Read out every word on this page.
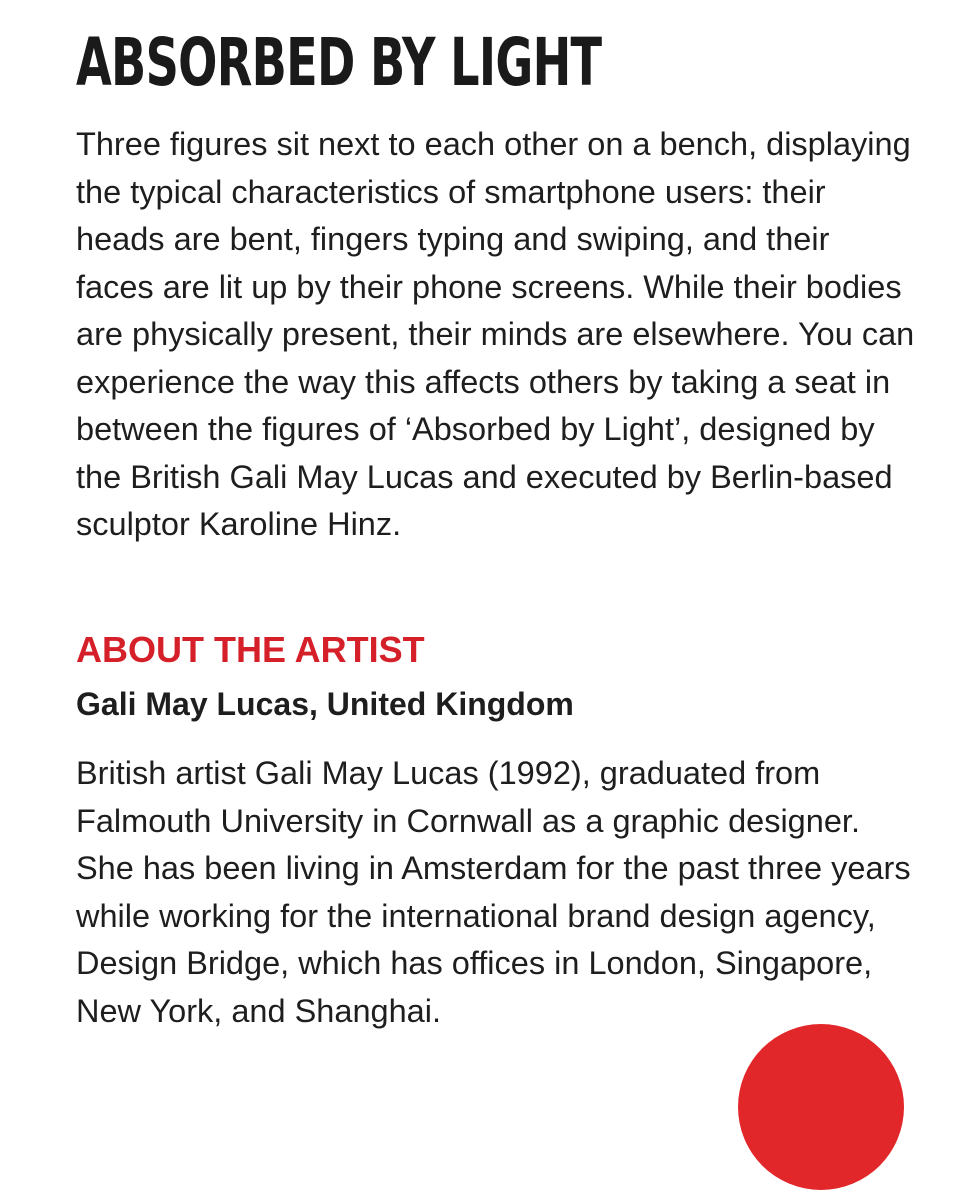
ABSORBED BY LIGHT

Three figures sit next to each other on a bench, displaying the typical characteristics of smartphone users: their heads are bent, fingers typing and swiping, and their faces are lit up by their phone screens. While their bodies are physically present, their minds are elsewhere. You can experience the way this affects others by taking a seat in between the figures of ‘Absorbed by Light’, designed by the British Gali May Lucas and executed by Berlin-based sculptor Karoline Hinz.

ABOUT THE ARTIST

Gali May Lucas, United Kingdom

British artist Gali May Lucas (1992), graduated from Falmouth University in Cornwall as a graphic designer. She has been living in Amsterdam for the past three years while working for the international brand design agency, Design Bridge, which has offices in London, Singapore, New York, and Shanghai.
